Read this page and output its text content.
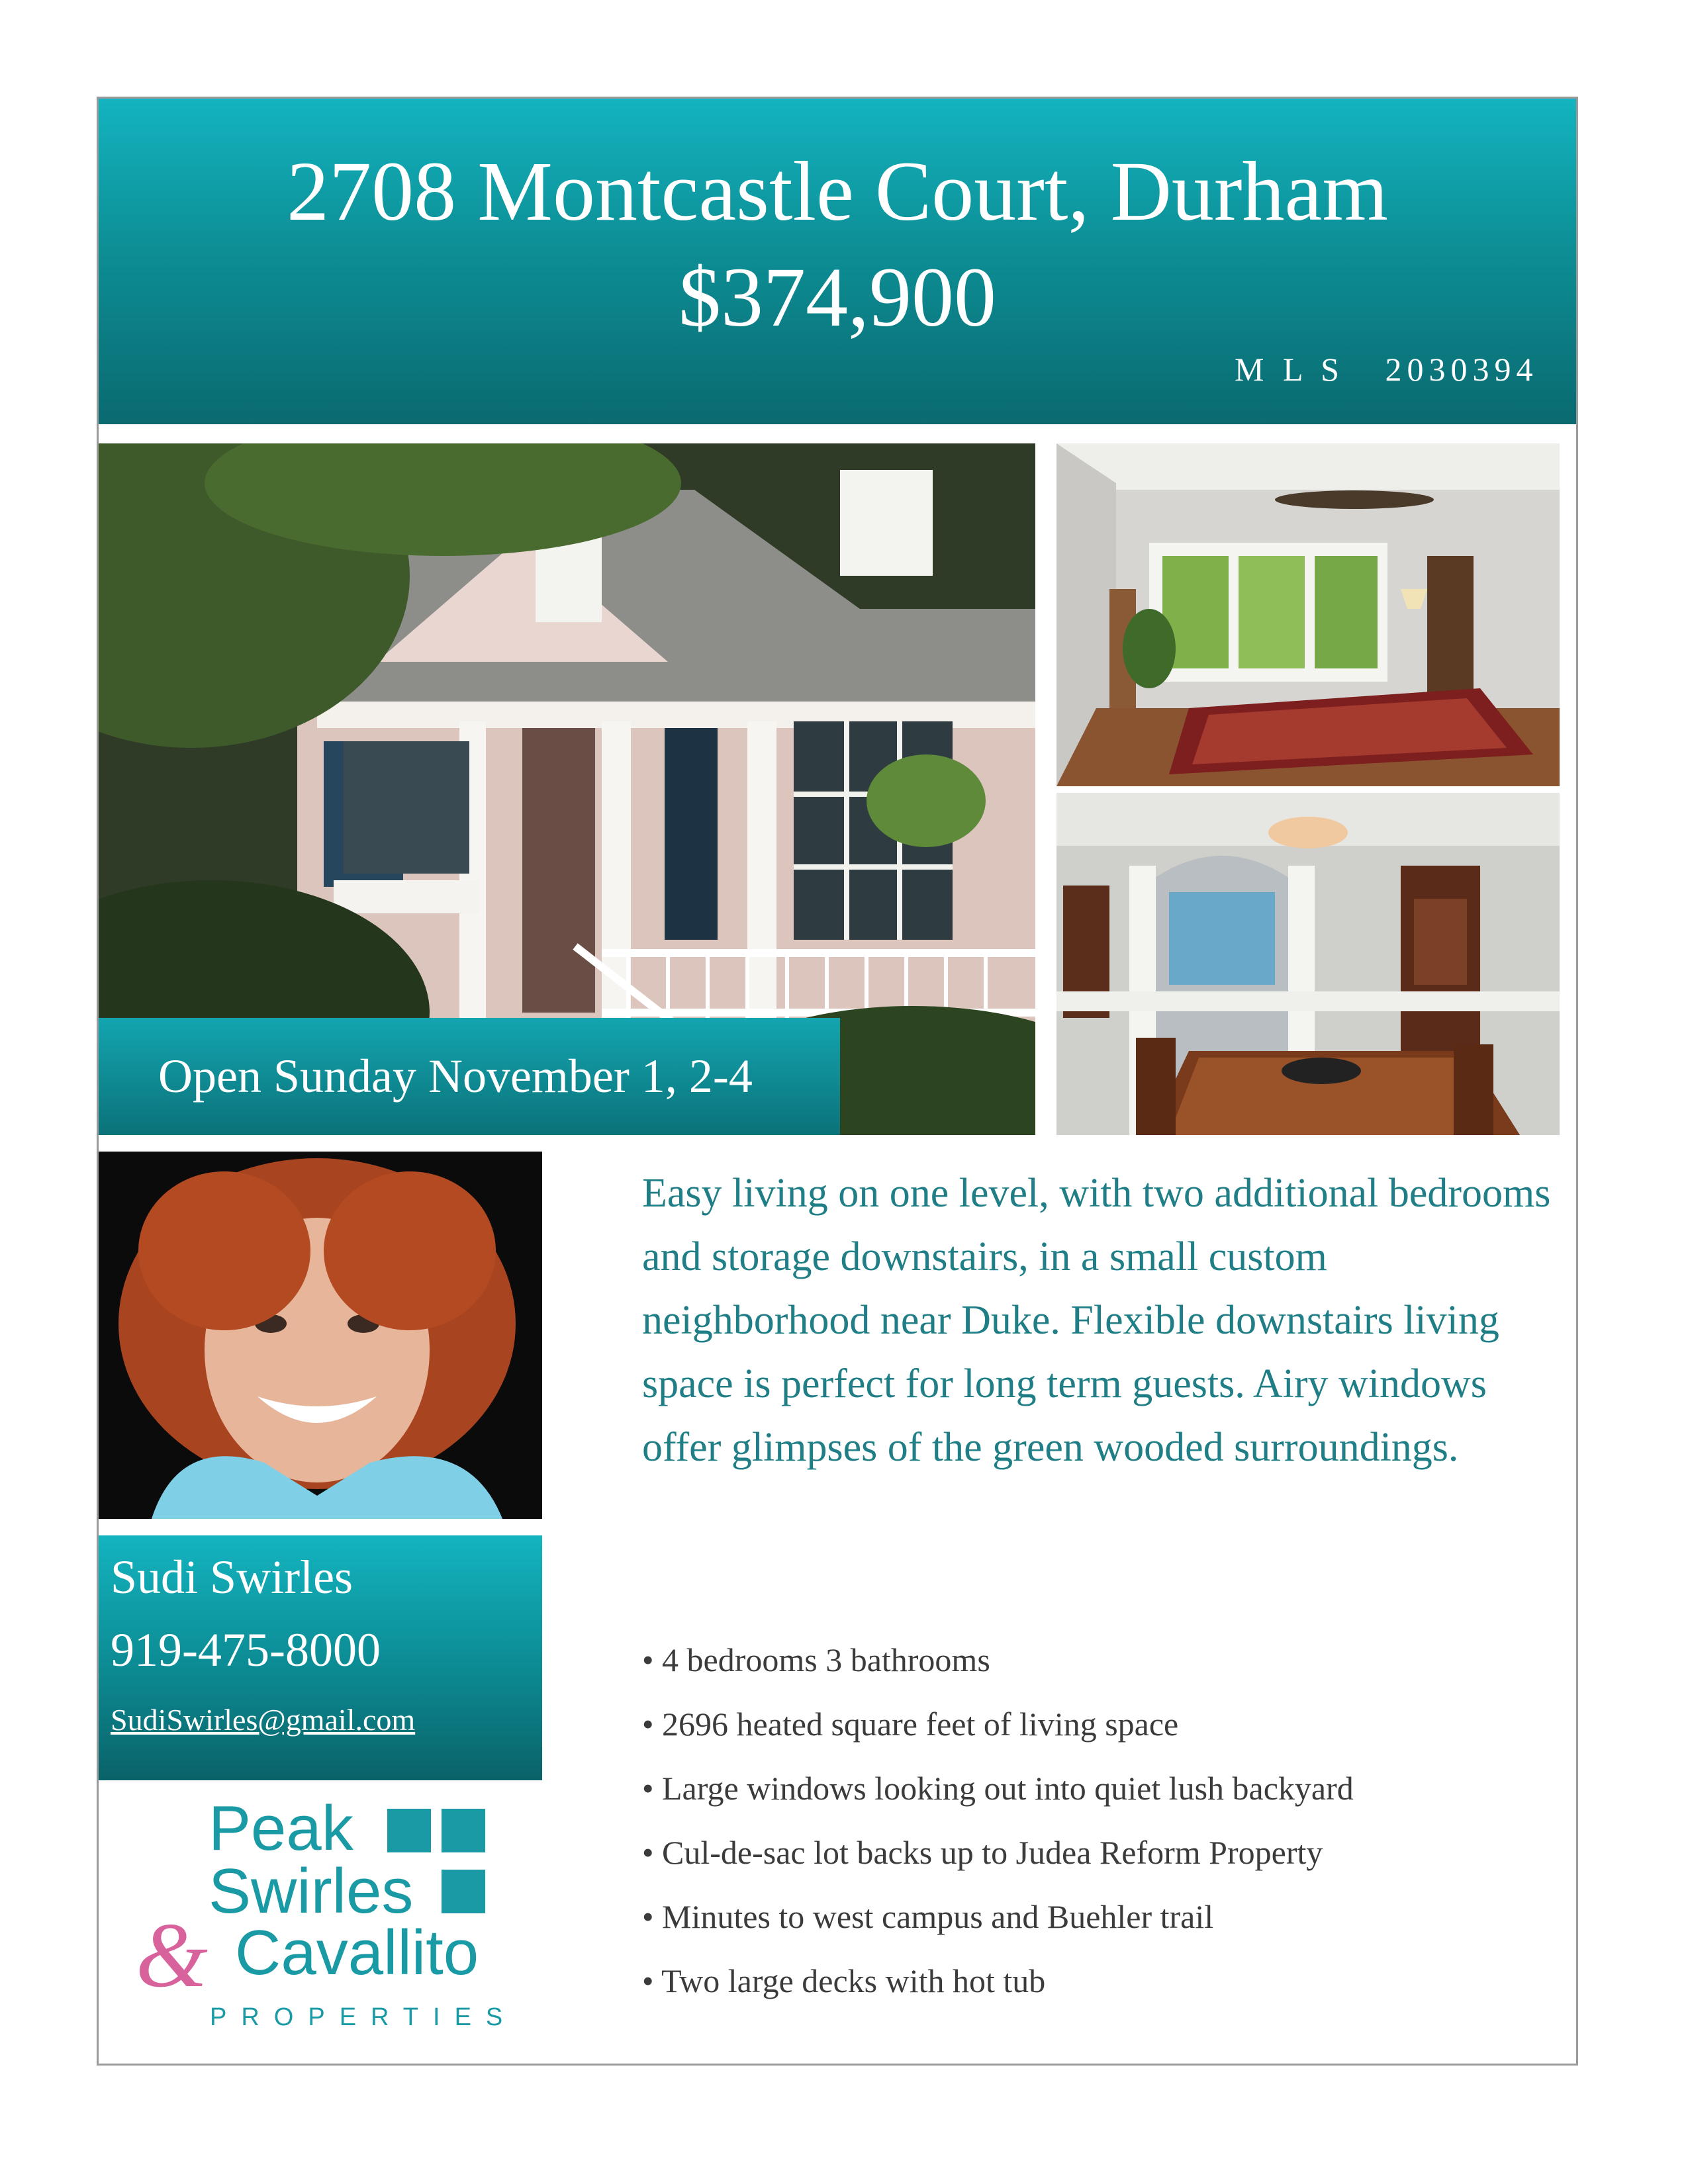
2708 Montcastle Court, Durham
$374,900
M L S   2030394
Open Sunday November 1, 2-4
Sudi Swirles
919-475-8000
SudiSwirles@gmail.com
Easy living on one level, with two additional bedrooms and storage downstairs, in a small custom neighborhood near Duke. Flexible downstairs living space is perfect for long term guests. Airy windows offer glimpses of the green wooded surroundings.
• 4 bedrooms 3 bathrooms
• 2696 heated square feet of living space
• Large windows looking out into quiet lush backyard
• Cul-de-sac lot backs up to Judea Reform Property
• Minutes to west campus and Buehler trail
• Two large decks with hot tub
Peak
Swirles
& Cavallito
PROPERTIES
